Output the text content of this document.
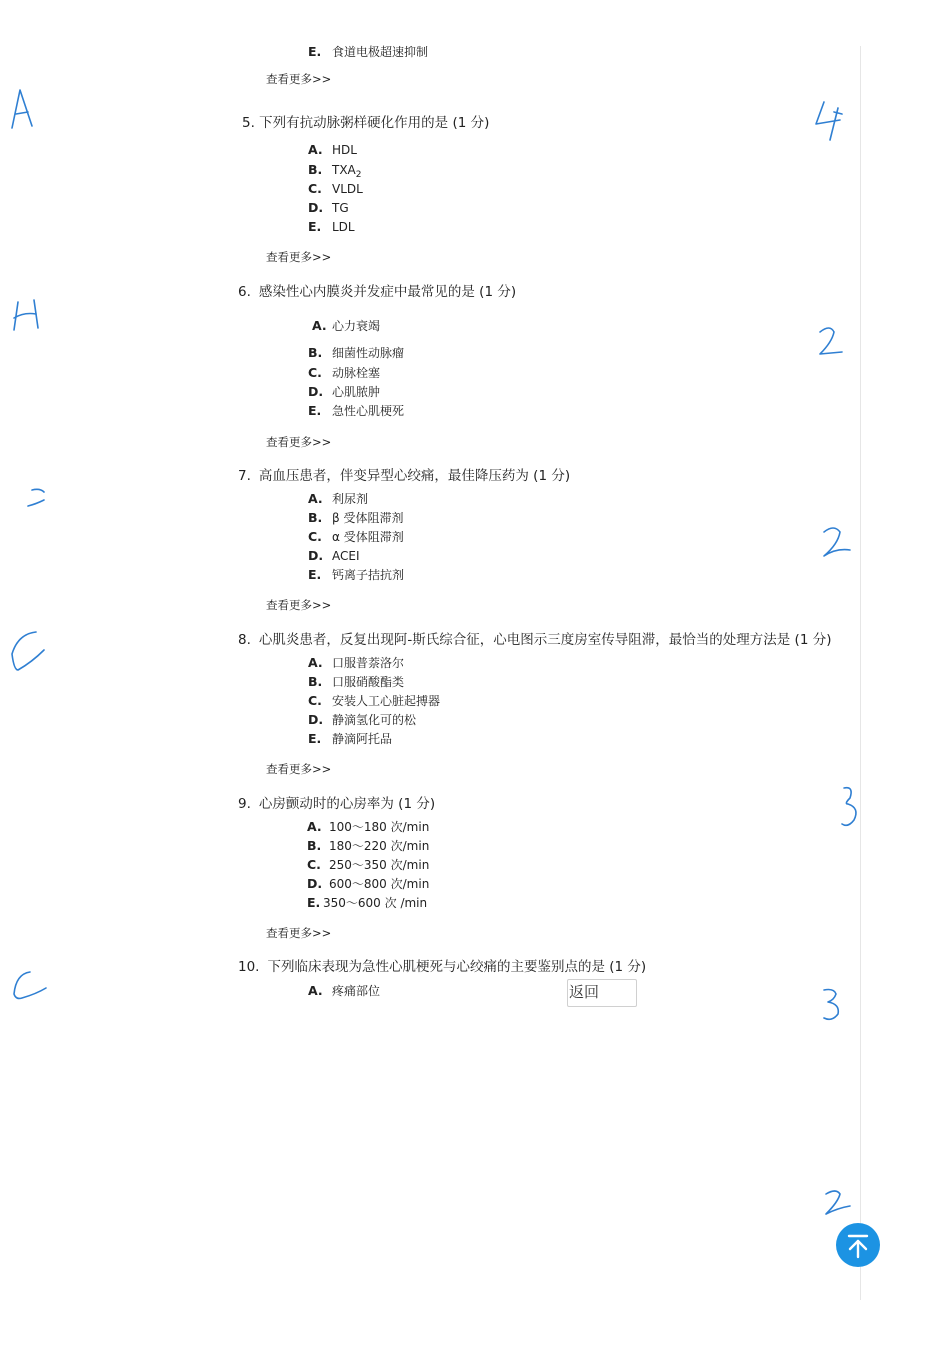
E. 食道电极超速抑制
查看更多>>
5. 下列有抗动脉粥样硬化作用的是 (1 分)
A. HDL
B. $TXA_2$
C. VLDL
D. TG
E. LDL
查看更多>>
6. 感染性心内膜炎并发症中最常见的是 (1 分)
A. 心力衰竭
B. 细菌性动脉瘤
C. 动脉栓塞
D. 心肌脓肿
E. 急性心肌梗死
查看更多>>
7. 高血压患者，伴变异型心绞痛，最佳降压药为 (1 分)
A. 利尿剂
B. β 受体阻滞剂
C. α 受体阻滞剂
D. ACEI
E. 钙离子拮抗剂
查看更多>>
8. 心肌炎患者，反复出现阿-斯氏综合征，心电图示三度房室传导阻滞，最恰当的处理方法是 (1 分)
A. 口服普萘洛尔
B. 口服硝酸酯类
C. 安装人工心脏起搏器
D. 静滴氢化可的松
E. 静滴阿托品
查看更多>>
9. 心房颤动时的心房率为 (1 分)
A. 100～180 次/min
B. 180～220 次/min
C. 250～350 次/min
D. 600～800 次/min
E. 350～600 次 /min
查看更多>>
10. 下列临床表现为急性心肌梗死与心绞痛的主要鉴别点的是 (1 分)
A. 疼痛部位	返回
